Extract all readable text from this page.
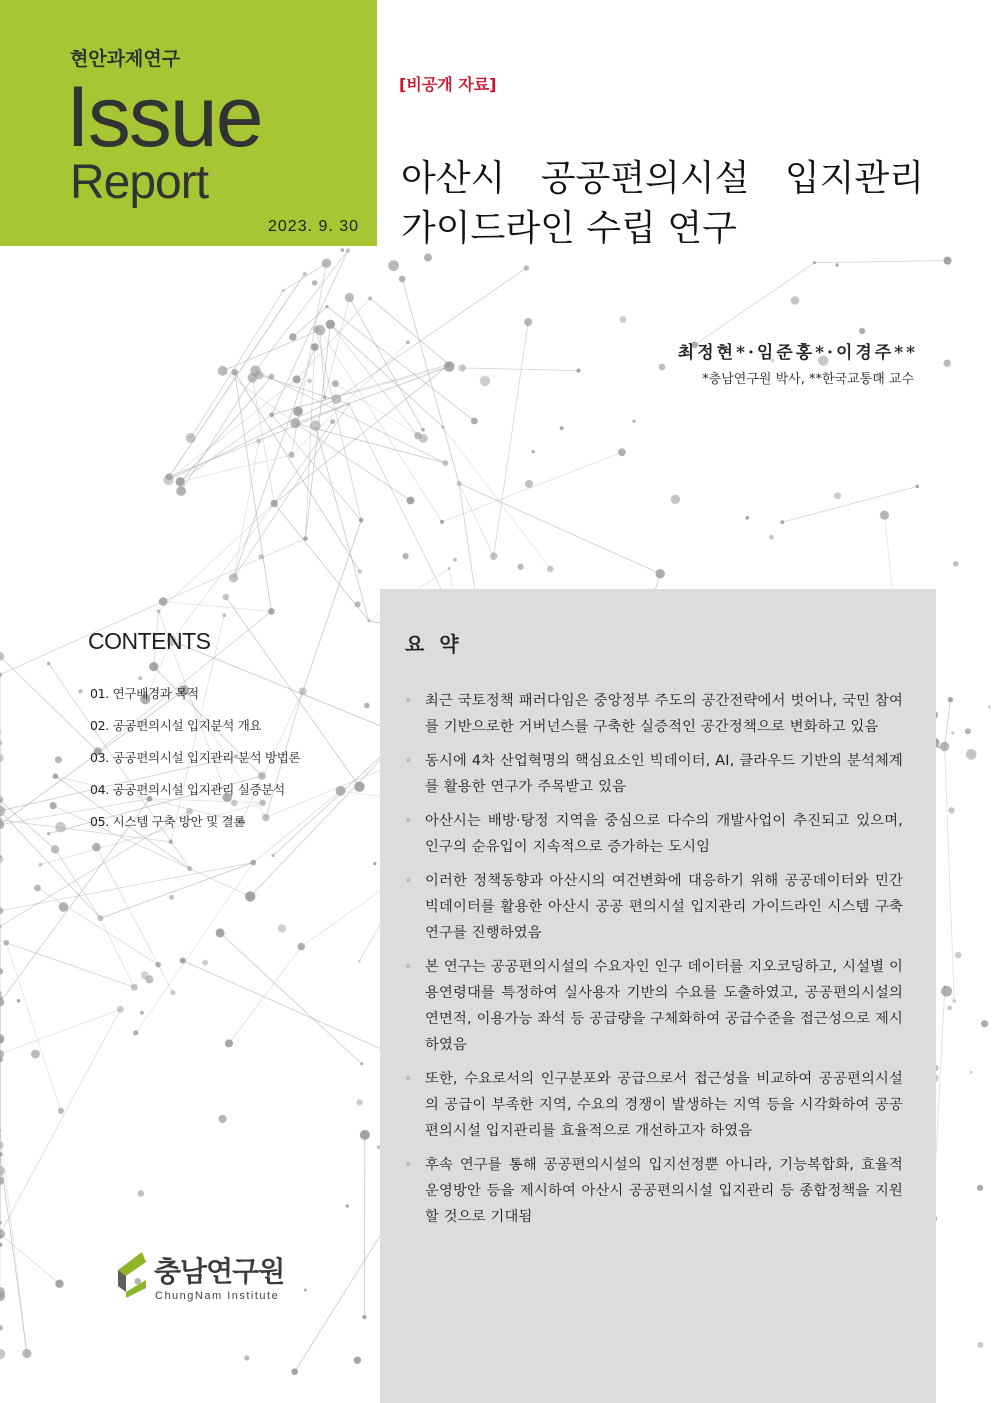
현안과제연구
Issue
Report
2023. 9. 30
[비공개 자료]
아산시 공공편의시설 입지관리
가이드라인 수립 연구
최정현*·임준홍*·이경주**
*충남연구원 박사, **한국교통대 교수
CONTENTS
01. 연구배경과 목적
02. 공공편의시설 입지분석 개요
03. 공공편의시설 입지관리 분석 방법론
04. 공공편의시설 입지관리 실증분석
05. 시스템 구축 방안 및 결론
요 약
◦ 최근 국토정책 패러다임은 중앙정부 주도의 공간전략에서 벗어나, 국민 참여를 기반으로한 거버넌스를 구축한 실증적인 공간정책으로 변화하고 있음
◦ 동시에 4차 산업혁명의 핵심요소인 빅데이터, AI, 클라우드 기반의 분석체계를 활용한 연구가 주목받고 있음
◦ 아산시는 배방·탕정 지역을 중심으로 다수의 개발사업이 추진되고 있으며, 인구의 순유입이 지속적으로 증가하는 도시임
◦ 이러한 정책동향과 아산시의 여건변화에 대응하기 위해 공공데이터와 민간 빅데이터를 활용한 아산시 공공 편의시설 입지관리 가이드라인 시스템 구축 연구를 진행하였음
◦ 본 연구는 공공편의시설의 수요자인 인구 데이터를 지오코딩하고, 시설별 이용연령대를 특정하여 실사용자 기반의 수요를 도출하였고, 공공편의시설의 연면적, 이용가능 좌석 등 공급량을 구체화하여 공급수준을 접근성으로 제시하였음
◦ 또한, 수요로서의 인구분포와 공급으로서 접근성을 비교하여 공공편의시설의 공급이 부족한 지역, 수요의 경쟁이 발생하는 지역 등을 시각화하여 공공편의시설 입지관리를 효율적으로 개선하고자 하였음
◦ 후속 연구를 통해 공공편의시설의 입지선정뿐 아니라, 기능복합화, 효율적 운영방안 등을 제시하여 아산시 공공편의시설 입지관리 등 종합정책을 지원할 것으로 기대됨
충남연구원
ChungNam Institute
